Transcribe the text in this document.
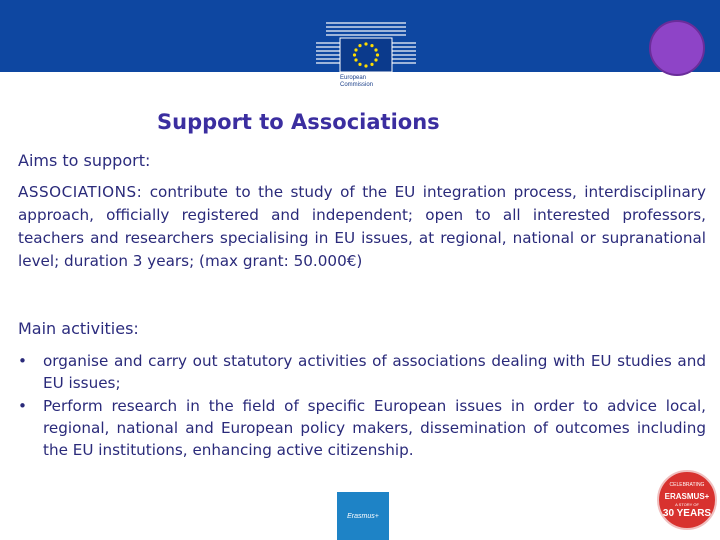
European
Commission
Support to Associations
Aims to support:
ASSOCIATIONS: contribute to the study of the EU integration process, interdisciplinary approach, officially registered and independent; open to all interested professors, teachers and researchers specialising in EU issues, at regional, national or supranational level; duration 3 years; (max grant: 50.000€)
Main activities:
• organise and carry out statutory activities of associations dealing with EU studies and EU issues;
• Perform research in the field of specific European issues in order to advice local, regional, national and European policy makers, dissemination of outcomes including the EU institutions, enhancing active citizenship.
Erasmus+
CELEBRATING
ERASMUS+
A STORY OF
30 YEARS
